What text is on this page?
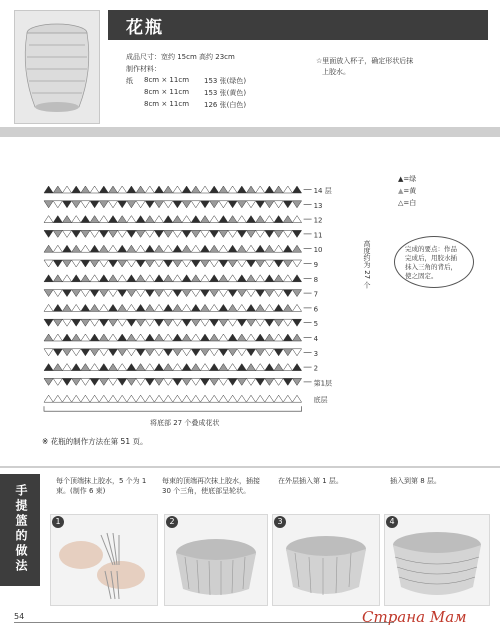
花瓶
成品尺寸：宽约 15cm 高约 23cm
制作材料：
纸 8cm × 11cm 153 张(绿色)
8cm × 11cm 153 张(黄色)
8cm × 11cm 126 张(白色)
☆里面放入杯子，确定形状后抹
上胶水。
▲=绿
▲=黄
△=白
14 层
13
12
11
10
9
8
7
6
5
4
3
2
第1层
底层
高度约为 27 个	完成的要点：作品完成后，用胶水插抹入三角的背后，使之固定。
将底部 27 个叠成花状
※ 花瓶的制作方法在第 51 页。
手提篮的做法
每个顶端抹上胶水，5 个为 1 束。(制作 6 束)
每束的顶端再次抹上胶水，插接 30 个三角，使底部呈轮状。
在外层插入第 1 层。	插入到第 8 层。
1	2	3	4
54	Страна Мам
